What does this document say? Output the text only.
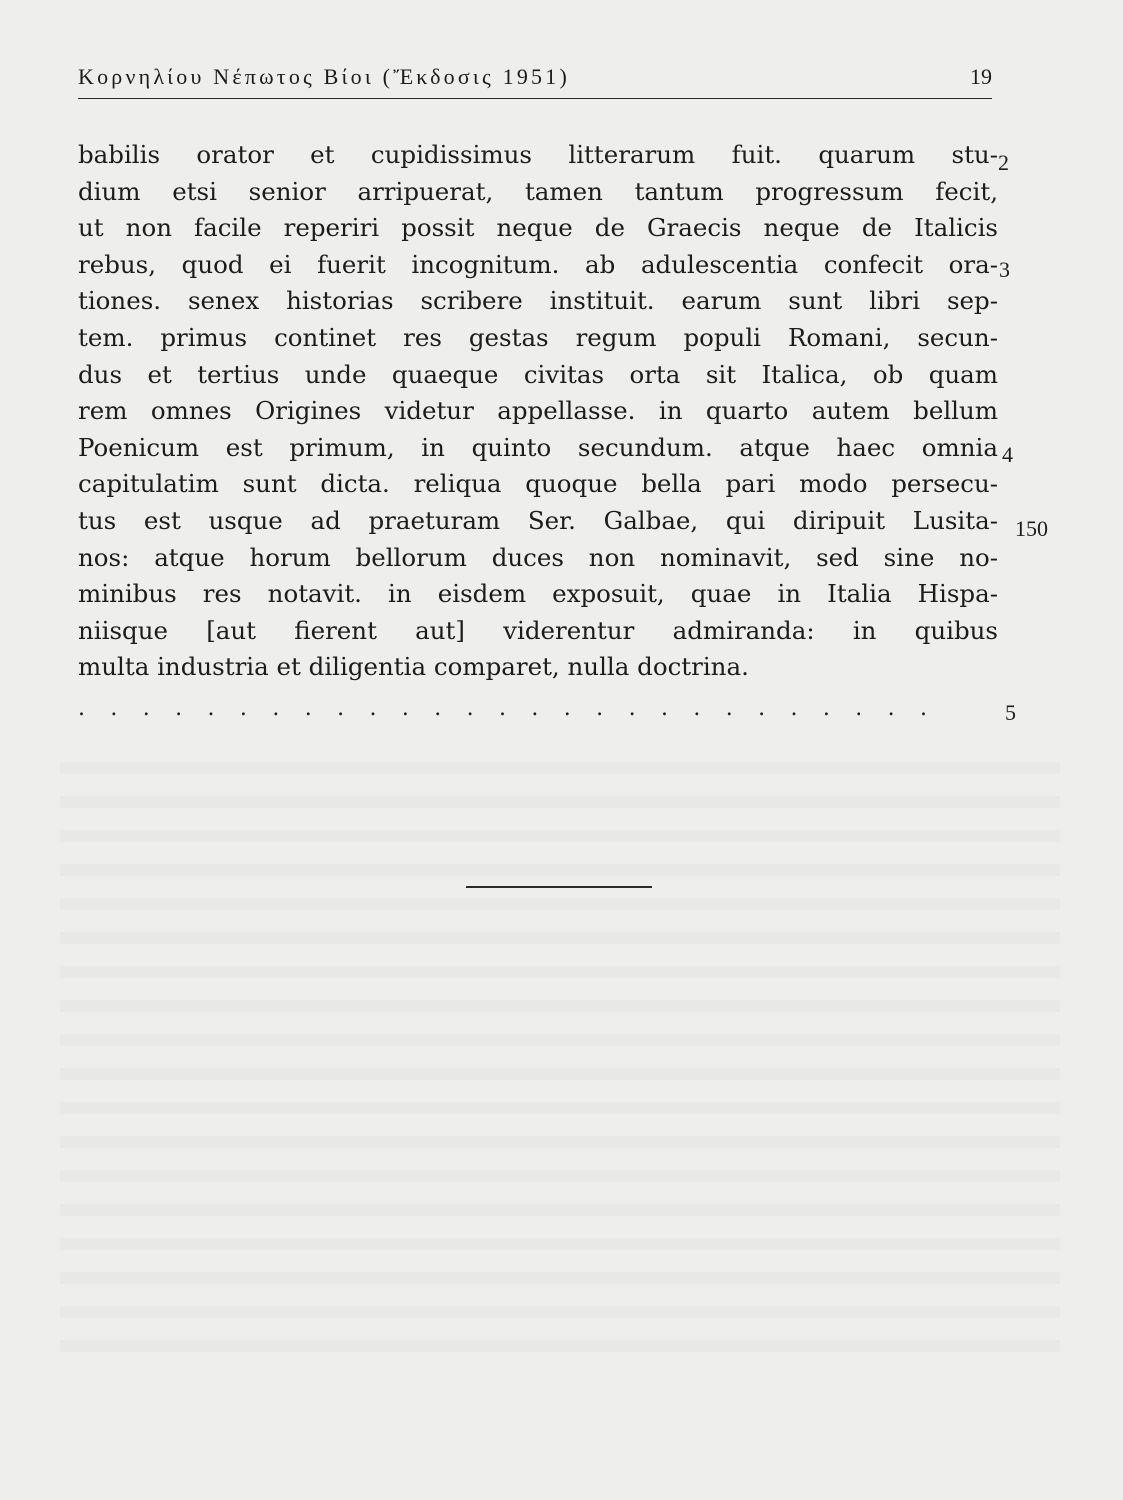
Κορνηλίου Νέπωτος Βίοι (Ἔκδοσις 1951)	19
babilis orator et cupidissimus litterarum fuit. quarum stu-
dium etsi senior arripuerat, tamen tantum progressum fecit,
ut non facile reperiri possit neque de Graecis neque de Italicis
rebus, quod ei fuerit incognitum. ab adulescentia confecit ora-
tiones. senex historias scribere instituit. earum sunt libri sep-
tem. primus continet res gestas regum populi Romani, secun-
dus et tertius unde quaeque civitas orta sit Italica, ob quam
rem omnes Origines videtur appellasse. in quarto autem bellum
Poenicum est primum, in quinto secundum. atque haec omnia
capitulatim sunt dicta. reliqua quoque bella pari modo persecu-
tus est usque ad praeturam Ser. Galbae, qui diripuit Lusita-
nos: atque horum bellorum duces non nominavit, sed sine no-
minibus res notavit. in eisdem exposuit, quae in Italia Hispa-
niisque [aut fierent aut] viderentur admiranda: in quibus
multa industria et diligentia comparet, nulla doctrina.
2
3
4
150
5
. . . . . . . . . . . . . . . . . . . . . . . . . . .
